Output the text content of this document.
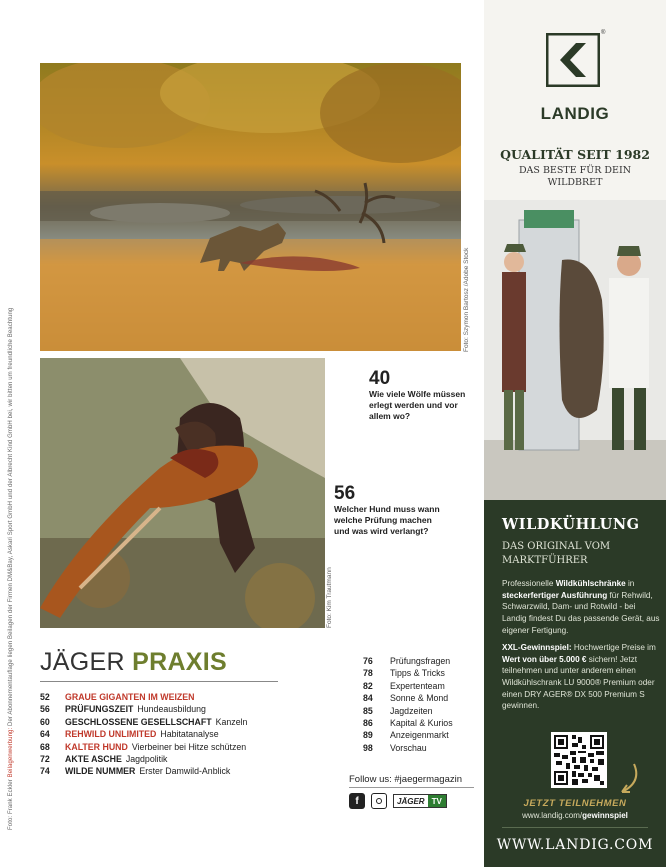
Foto: Frank Eckler Beilagenwerbung: Der Abonnementauflage liegen Beilagen der Firmen DM&Bay, Askari Sport GmbH und der Albrecht Kind GmbH bei, wir bitten um freundliche Beachtung
Foto: Szymon Bartosz /Adobe Stock
Foto: Kim Trautmann
40
Wie viele Wölfe müssen erlegt werden und vor allem wo?
56
Welcher Hund muss wann welche Prüfung machen und was wird verlangt?
JÄGER PRAXIS
52	GRAUE GIGANTEN IM WEIZEN
56	PRÜFUNGSZEIT Hundeausbildung
60	GESCHLOSSENE GESELLSCHAFT Kanzeln
64	REHWILD UNLIMITED Habitatanalyse
68	KALTER HUND Vierbeiner bei Hitze schützen
72	AKTE ASCHE Jagdpolitik
74	WILDE NUMMER Erster Damwild-Anblick
76	Prüfungsfragen
78	Tipps & Tricks
82	Expertenteam
84	Sonne & Mond
85	Jagdzeiten
86	Kapital & Kurios
89	Anzeigenmarkt
98	Vorschau
Follow us: #jaegermagazin
f	JÄGER TV
®
LANDIG
QUALITÄT SEIT 1982
DAS BESTE FÜR DEIN
WILDBRET
WILDKÜHLUNG
DAS ORIGINAL VOM
MARKTFÜHRER
Professionelle Wildkühlschränke in steckerfertiger Ausführung für Rehwild, Schwarzwild, Dam- und Rotwild - bei Landig findest Du das passende Gerät, aus eigener Fertigung.
XXL-Gewinnspiel: Hochwertige Preise im Wert von über 5.000 € sichern! Jetzt teilnehmen und unter anderem einen Wildkühlschrank LU 9000® Premium oder einen DRY AGER® DX 500 Premium S gewinnen.
JETZT TEILNEHMEN
www.landig.com/gewinnspiel
WWW.LANDIG.COM
